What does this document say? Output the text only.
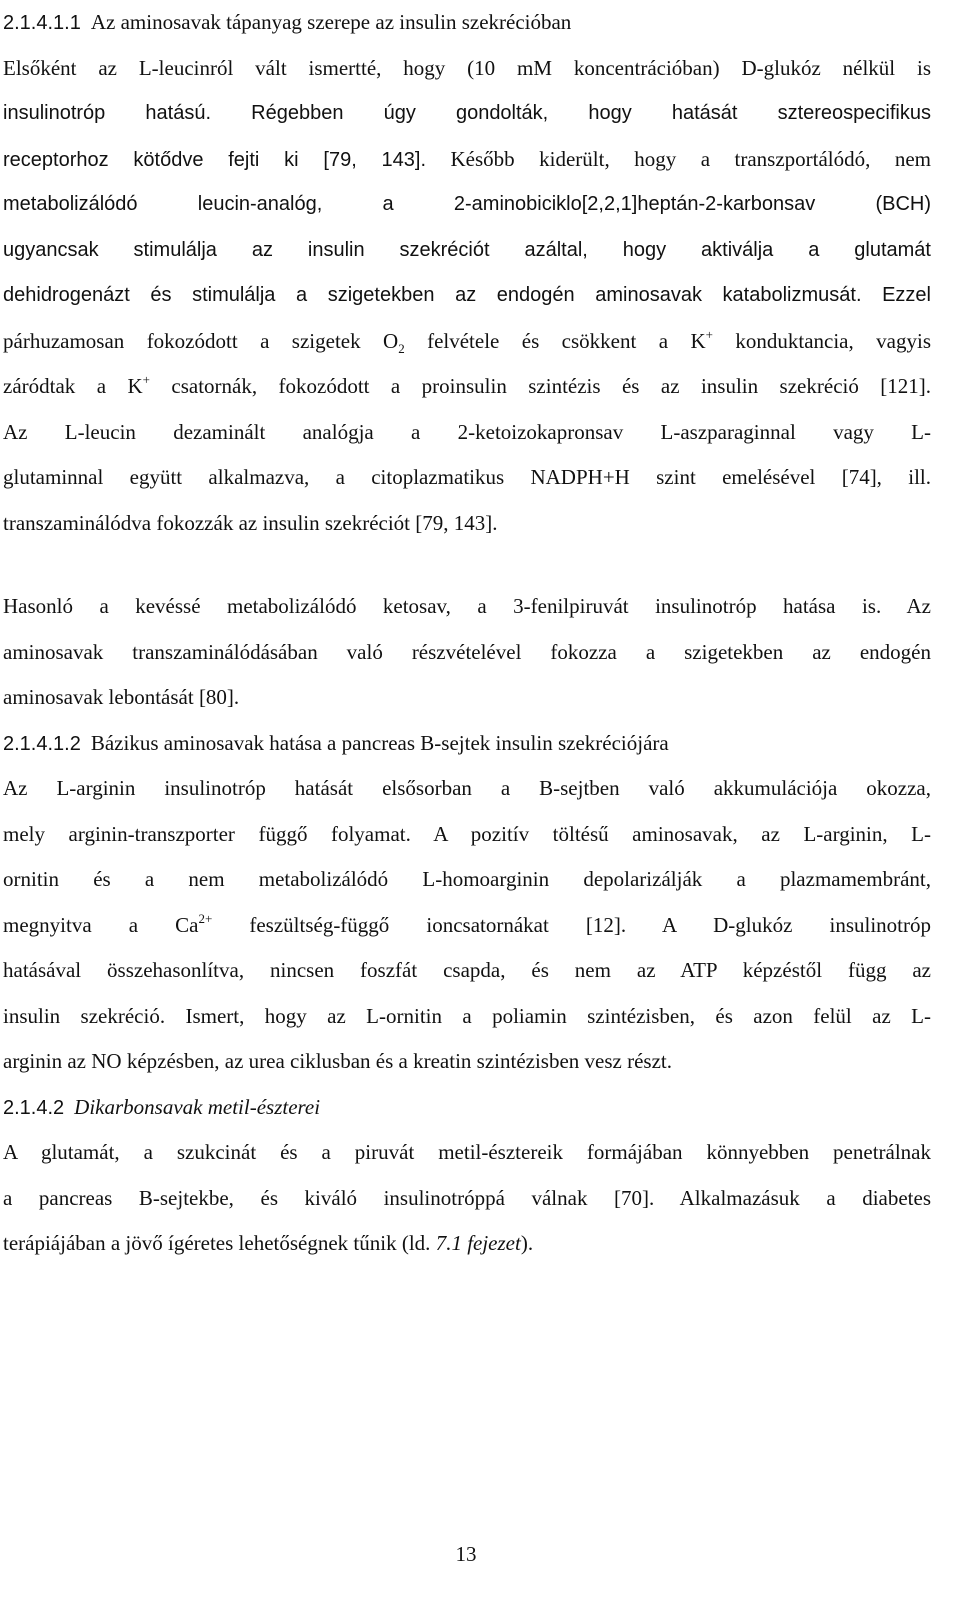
2.1.4.1.1 Az aminosavak tápanyag szerepe az insulin szekrécióban
Elsőként az L-leucinról vált ismertté, hogy (10 mM koncentrációban) D-glukóz nélkül is
insulinotróp hatású. Régebben úgy gondolták, hogy hatását sztereospecifikus
receptorhoz kötődve fejti ki [79, 143]. Később kiderült, hogy a transzportálódó, nem
metabolizálódó leucin-analóg, a 2-aminobiciklo[2,2,1]heptán-2-karbonsav (BCH)
ugyancsak stimulálja az insulin szekréciót azáltal, hogy aktiválja a glutamát
dehidrogenázt és stimulálja a szigetekben az endogén aminosavak katabolizmusát. Ezzel
párhuzamosan fokozódott a szigetek $O_2$ felvétele és csökkent a K+ konduktancia, vagyis
záródtak a K+ csatornák, fokozódott a proinsulin szintézis és az insulin szekréció [121].
Az L-leucin dezaminált analógja a 2-ketoizokapronsav L-aszparaginnal vagy L-
glutaminnal együtt alkalmazva, a citoplazmatikus NADPH+H szint emelésével [74], ill.
transzaminálódva fokozzák az insulin szekréciót [79, 143].
Hasonló a kevéssé metabolizálódó ketosav, a 3-fenilpiruvát insulinotróp hatása is. Az
aminosavak transzaminálódásában való részvételével fokozza a szigetekben az endogén
aminosavak lebontását [80].
2.1.4.1.2 Bázikus aminosavak hatása a pancreas B-sejtek insulin szekréciójára
Az L-arginin insulinotróp hatását elsősorban a B-sejtben való akkumulációja okozza,
mely arginin-transzporter függő folyamat. A pozitív töltésű aminosavak, az L-arginin, L-
ornitin és a nem metabolizálódó L-homoarginin depolarizálják a plazmamembránt,
megnyitva a $Ca^{2+}$ feszültség-függő ioncsatornákat [12]. A D-glukóz insulinotróp
hatásával összehasonlítva, nincsen foszfát csapda, és nem az ATP képzéstől függ az
insulin szekréció. Ismert, hogy az L-ornitin a poliamin szintézisben, és azon felül az L-
arginin az NO képzésben, az urea ciklusban és a kreatin szintézisben vesz részt.
2.1.4.2 Dikarbonsavak metil-észterei
A glutamát, a szukcinát és a piruvát metil-észtereik formájában könnyebben penetrálnak
a pancreas B-sejtekbe, és kiváló insulinotróppá válnak [70]. Alkalmazásuk a diabetes
terápiájában a jövő ígéretes lehetőségnek tűnik (ld. 7.1 fejezet).
13
